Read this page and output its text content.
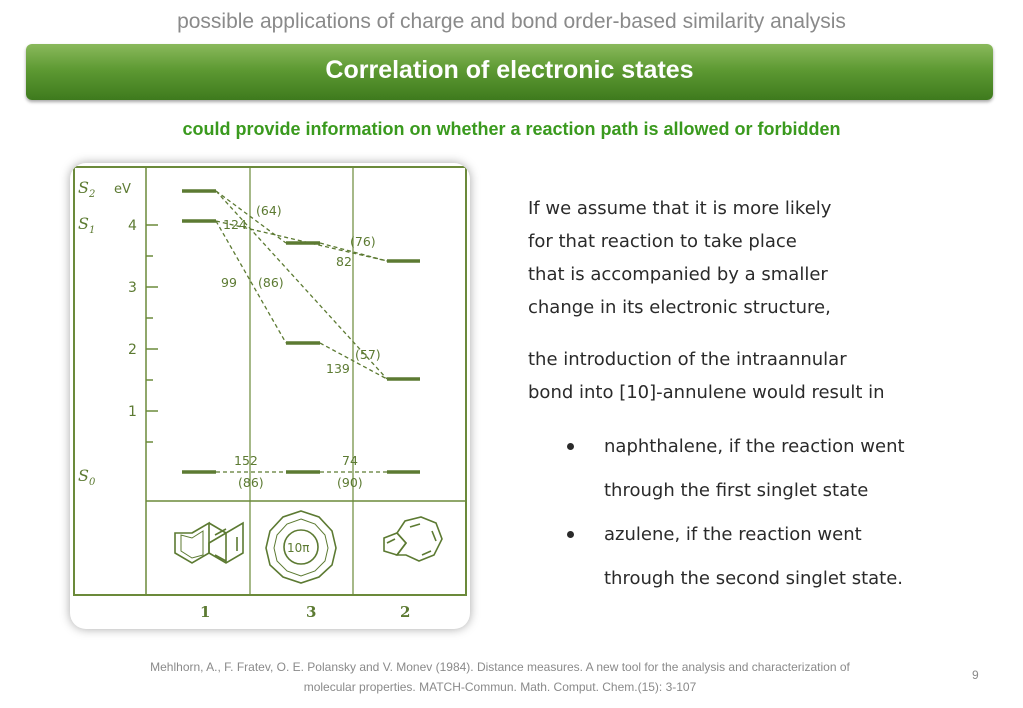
possible applications of charge and bond order-based similarity analysis
Correlation of electronic states
could provide information on whether a reaction path is allowed or forbidden
$S_2$
$S_1$
$S_0$
eV
4
3
2
1
(64)
124
(76)
82
99 (86)
(57)
139
152	74
(86)	(90)
10π
1	3	2
If we assume that it is more likely
for that reaction to take place
that is accompanied by a smaller
change in its electronic structure,
the introduction of the intraannular
bond into [10]-annulene would result in
naphthalene, if the reaction went
through the first singlet state
azulene, if the reaction went
through the second singlet state.
Mehlhorn, A., F. Fratev, O. E. Polansky and V. Monev (1984). Distance measures. A new tool for the analysis and characterization of
molecular properties. MATCH-Commun. Math. Comput. Chem.(15): 3-107
9
